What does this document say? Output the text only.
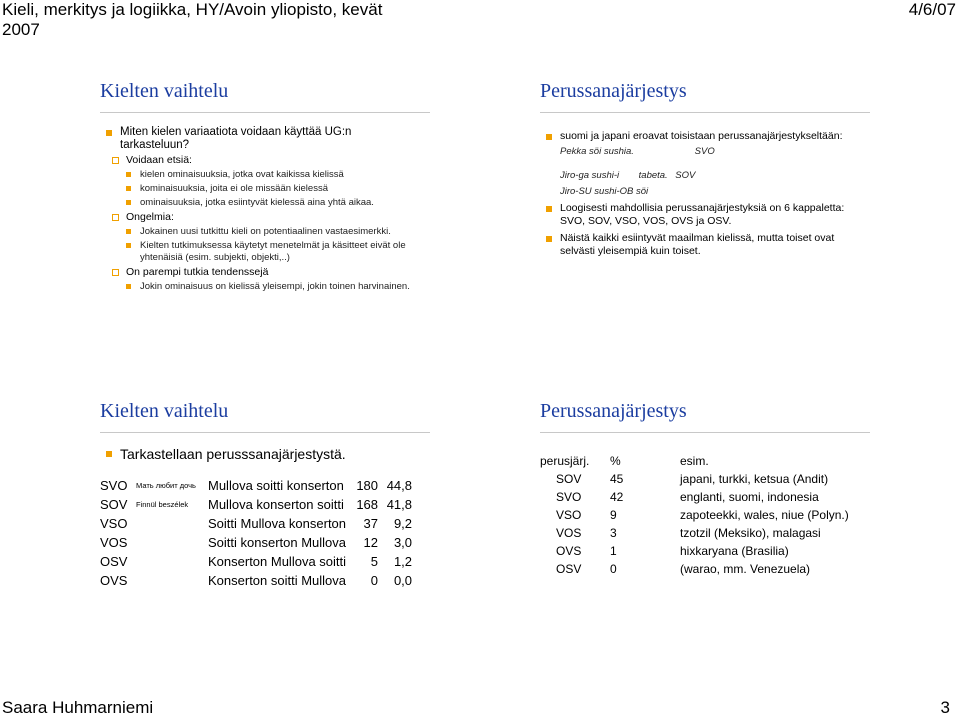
Kieli, merkitys ja logiikka, HY/Avoin yliopisto, kevät 2007
4/6/07
Saara Huhmarniemi	3
Kielten vaihtelu
Miten kielen variaatiota voidaan käyttää UG:n tarkasteluun?
Voidaan etsiä:
kielen ominaisuuksia, jotka ovat kaikissa kielissä
kominaisuuksia, joita ei ole missään kielessä
ominaisuuksia, jotka esiintyvät kielessä aina yhtä aikaa.
Ongelmia:
Jokainen uusi tutkittu kieli on potentiaalinen vastaesimerkki.
Kielten tutkimuksessa käytetyt menetelmät ja käsitteet eivät ole yhtenäisiä (esim. subjekti, objekti,..)
On parempi tutkia tendenssejä
Jokin ominaisuus on kielissä yleisempi, jokin toinen harvinainen.
Perussanajärjestys
suomi ja japani eroavat toisistaan perussanajärjestykseltään:
Pekka söi sushia.	SVO
Jiro-ga sushi-i tabeta. SOV
Jiro-SU sushi-OB söi
Loogisesti mahdollisia perussanajärjestyksiä on 6 kappaletta: SVO, SOV, VSO, VOS, OVS ja OSV.
Näistä kaikki esiintyvät maailman kielissä, mutta toiset ovat selvästi yleisempiä kuin toiset.
Kielten vaihtelu
Tarkastellaan perusssanajärjestystä.
SVO	Мать любит дочь	Mullova soitti konserton	180	44,8
SOV	Finnül beszélek	Mullova konserton soitti	168	41,8
VSO		Soitti Mullova konserton	37	9,2
VOS		Soitti konserton Mullova	12	3,0
OSV		Konserton Mullova soitti	5	1,2
OVS		Konserton soitti Mullova	0	0,0
Perussanajärjestys
perusjärj.	%	esim.
SOV	45	japani, turkki, ketsua (Andit)
SVO	42	englanti, suomi, indonesia
VSO	9	zapoteekki, wales, niue (Polyn.)
VOS	3	tzotzil (Meksiko), malagasi
OVS	1	hixkaryana (Brasilia)
OSV	0	(warao, mm. Venezuela)
